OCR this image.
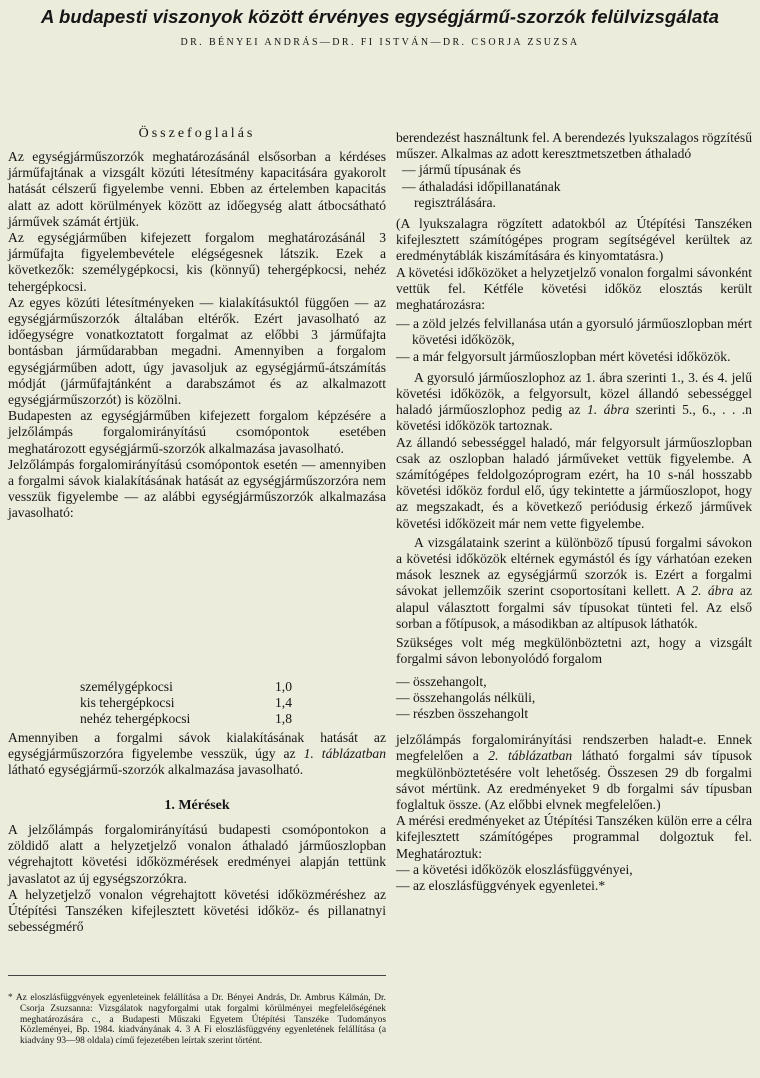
A budapesti viszonyok között érvényes egységjármű-szorzók felülvizsgálata
DR. BÉNYEI ANDRÁS—DR. FI ISTVÁN—DR. CSORJA ZSUZSA
Összefoglalás

Az egységjárműszorzók meghatározásánál elsősorban a kérdéses járműfajtának a vizsgált közúti létesítmény kapacitására gyakorolt hatását célszerű figyelembe venni. Ebben az értelemben kapacitás alatt az adott körülmények között az időegység alatt átbocsátható járművek számát értjük.

Az egységjárműben kifejezett forgalom meghatározásánál 3 járműfajta figyelembevétele elégségesnek látszik. Ezek a következők: személygépkocsi, kis (könnyű) tehergépkocsi, nehéz tehergépkocsi.

Az egyes közúti létesítményeken — kialakításuktól függően — az egységjárműszorzók általában eltérők. Ezért javasolható az időegységre vonatkoztatott forgalmat az előbbi 3 járműfajta bontásban járműdarabban megadni. Amennyiben a forgalom egységjárműben adott, úgy javasoljuk az egységjármű-átszámítás módját (járműfajtánként a darabszámot és az alkalmazott egységjárműszorzót) is közölni.

Budapesten az egységjárműben kifejezett forgalom képzésére a jelzőlámpás forgalomirányítású csomópontok esetében meghatározott egységjármű-szorzók alkalmazása javasolható.

Jelzőlámpás forgalomirányítású csomópontok esetén — amennyiben a forgalmi sávok kialakításának hatását az egységjárműszorzóra nem vesszük figyelembe — az alábbi egységjárműszorzók alkalmazása javasolható:

személygépkocsi	1,0
kis tehergépkocsi	1,4
nehéz tehergépkocsi	1,8

Amennyiben a forgalmi sávok kialakításának hatását az egységjárműszorzóra figyelembe vesszük, úgy az 1. táblázatban látható egységjármű-szorzók alkalmazása javasolható.

1. Mérések

A jelzőlámpás forgalomirányítású budapesti csomópontokon a zöldidő alatt a helyzetjelző vonalon áthaladó járműoszlopban végrehajtott követési időközmérések eredményei alapján tettünk javaslatot az új egységszorzókra.

A helyzetjelző vonalon végrehajtott követési időközméréshez az Útépítési Tanszéken kifejlesztett követési időköz- és pillanatnyi sebességmérő

* Az eloszlásfüggvények egyenleteinek felállítása a Dr. Bényei András, Dr. Ambrus Kálmán, Dr. Csorja Zsuzsanna: Vizsgálatok nagyforgalmi utak forgalmi körülményei megfelelőségének meghatározására c., a Budapesti Műszaki Egyetem Útépítési Tanszéke Tudományos Közleményei, Bp. 1984. kiadványának 4. 3 A Fi eloszlásfüggvény egyenletének felállítása (a kiadvány 93—98 oldala) című fejezetében leírtak szerint történt.

berendezést használtunk fel. A berendezés lyukszalagos rögzítésű műszer. Alkalmas az adott keresztmetszetben áthaladó

— jármű típusának és
— áthaladási időpillanatának
regisztrálására.

(A lyukszalagra rögzített adatokból az Útépítési Tanszéken kifejlesztett számítógépes program segítségével kerültek az eredménytáblák kiszámítására és kinyomtatásra.)

A követési időközöket a helyzetjelző vonalon forgalmi sávonként vettük fel. Kétféle követési időköz elosztás került meghatározásra:

— a zöld jelzés felvillanása után a gyorsuló járműoszlopban mért követési időközök,

— a már felgyorsult járműoszlopban mért követési időközök.

A gyorsuló járműoszlophoz az 1. ábra szerinti 1., 3. és 4. jelű követési időközök, a felgyorsult, közel állandó sebességgel haladó járműoszlophoz pedig az 1. ábra szerinti 5., 6., . . .n követési időközök tartoznak.

Az állandó sebességgel haladó, már felgyorsult járműoszlopban csak az oszlopban haladó járműveket vettük figyelembe. A számítógépes feldolgozóprogram ezért, ha 10 s-nál hosszabb követési időköz fordul elő, úgy tekintette a járműoszlopot, hogy az megszakadt, és a következő periódusig érkező járművek követési időközeit már nem vette figyelembe.

A vizsgálataink szerint a különböző típusú forgalmi sávokon a követési időközök eltérnek egymástól és így várhatóan ezeken mások lesznek az egységjármű szorzók is. Ezért a forgalmi sávokat jellemzőik szerint csoportosítani kellett. A 2. ábra az alapul választott forgalmi sáv típusokat tünteti fel. Az első sorban a főtípusok, a másodikban az altípusok láthatók.

Szükséges volt még megkülönböztetni azt, hogy a vizsgált forgalmi sávon lebonyolódó forgalom

— összehangolt,
— összehangolás nélküli,
— részben összehangolt

jelzőlámpás forgalomirányítási rendszerben haladt-e. Ennek megfelelően a 2. táblázatban látható forgalmi sáv típusok megkülönböztetésére volt lehetőség. Összesen 29 db forgalmi sávot mértünk. Az eredményeket 9 db forgalmi sáv típusban foglaltuk össze. (Az előbbi elvnek megfelelően.)

A mérési eredményeket az Útépítési Tanszéken külön erre a célra kifejlesztett számítógépes programmal dolgoztuk fel. Meghatároztuk:

— a követési időközök eloszlásfüggvényei,
— az eloszlásfüggvények egyenletei.*
